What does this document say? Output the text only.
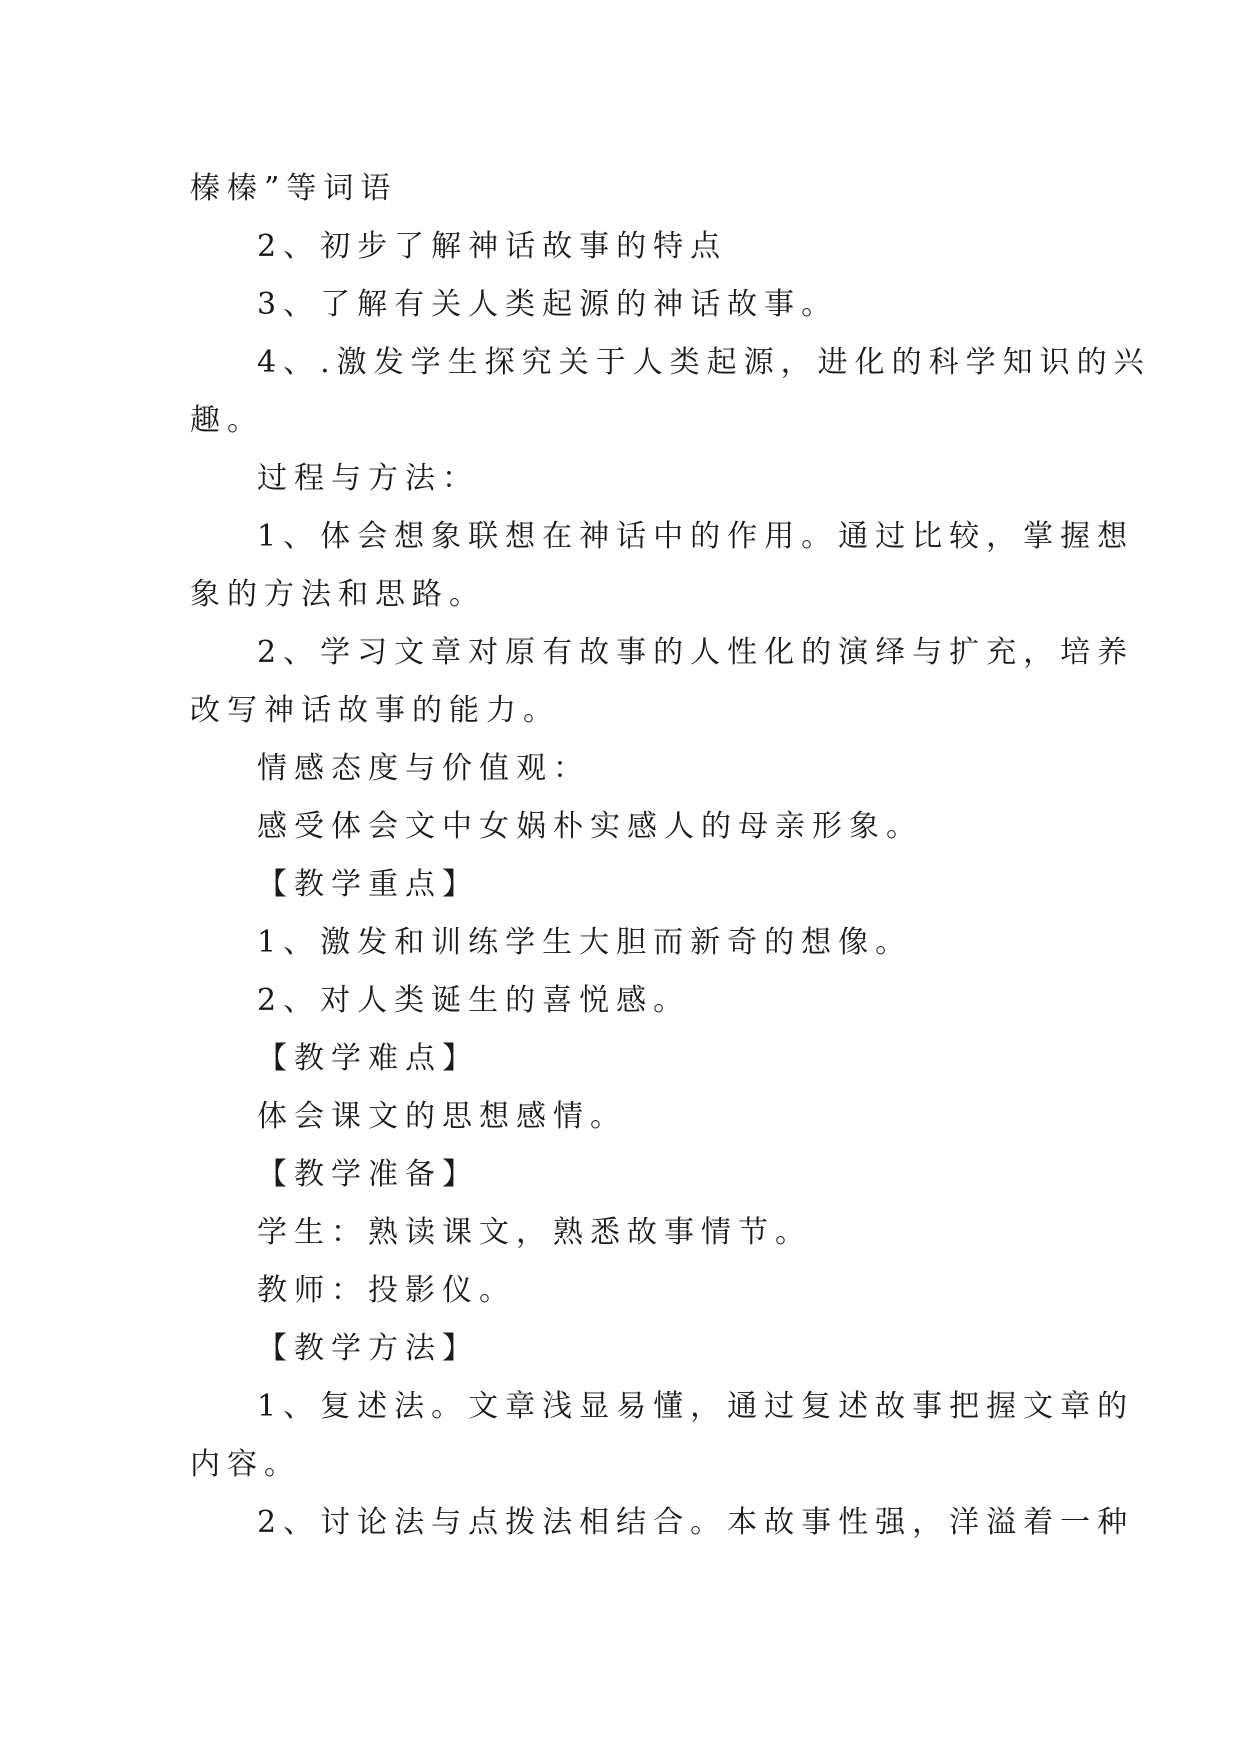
榛榛”等词语
2、初步了解神话故事的特点
3、了解有关人类起源的神话故事。
4、.激发学生探究关于人类起源，进化的科学知识的兴
趣。
过程与方法：
1、体会想象联想在神话中的作用。通过比较，掌握想
象的方法和思路。
2、学习文章对原有故事的人性化的演绎与扩充，培养
改写神话故事的能力。
情感态度与价值观：
感受体会文中女娲朴实感人的母亲形象。
【教学重点】
1、激发和训练学生大胆而新奇的想像。
2、对人类诞生的喜悦感。
【教学难点】
体会课文的思想感情。
【教学准备】
学生：熟读课文，熟悉故事情节。
教师：投影仪。
【教学方法】
1、复述法。文章浅显易懂，通过复述故事把握文章的
内容。
2、讨论法与点拨法相结合。本故事性强，洋溢着一种
